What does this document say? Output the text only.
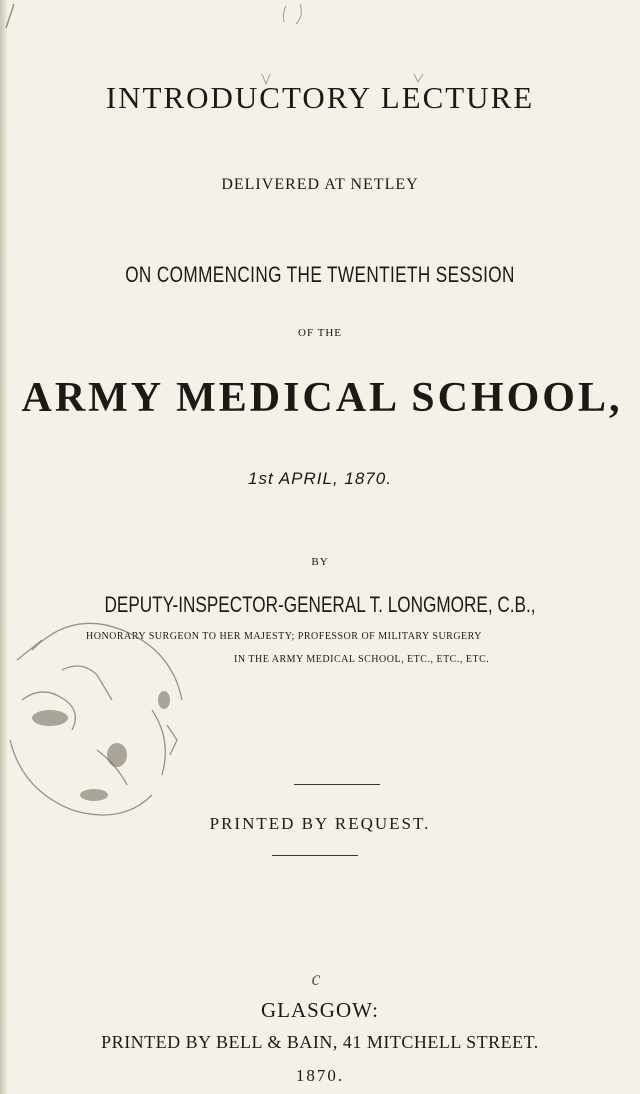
INTRODUCTORY LECTURE
DELIVERED AT NETLEY
ON COMMENCING THE TWENTIETH SESSION
OF THE
ARMY MEDICAL SCHOOL,
1st APRIL, 1870.
BY
DEPUTY-INSPECTOR-GENERAL T. LONGMORE, C.B.,
HONORARY SURGEON TO HER MAJESTY; PROFESSOR OF MILITARY SURGERY
IN THE ARMY MEDICAL SCHOOL, ETC., ETC., ETC.
PRINTED BY REQUEST.
c
GLASGOW:
PRINTED BY BELL & BAIN, 41 MITCHELL STREET.
1870.
